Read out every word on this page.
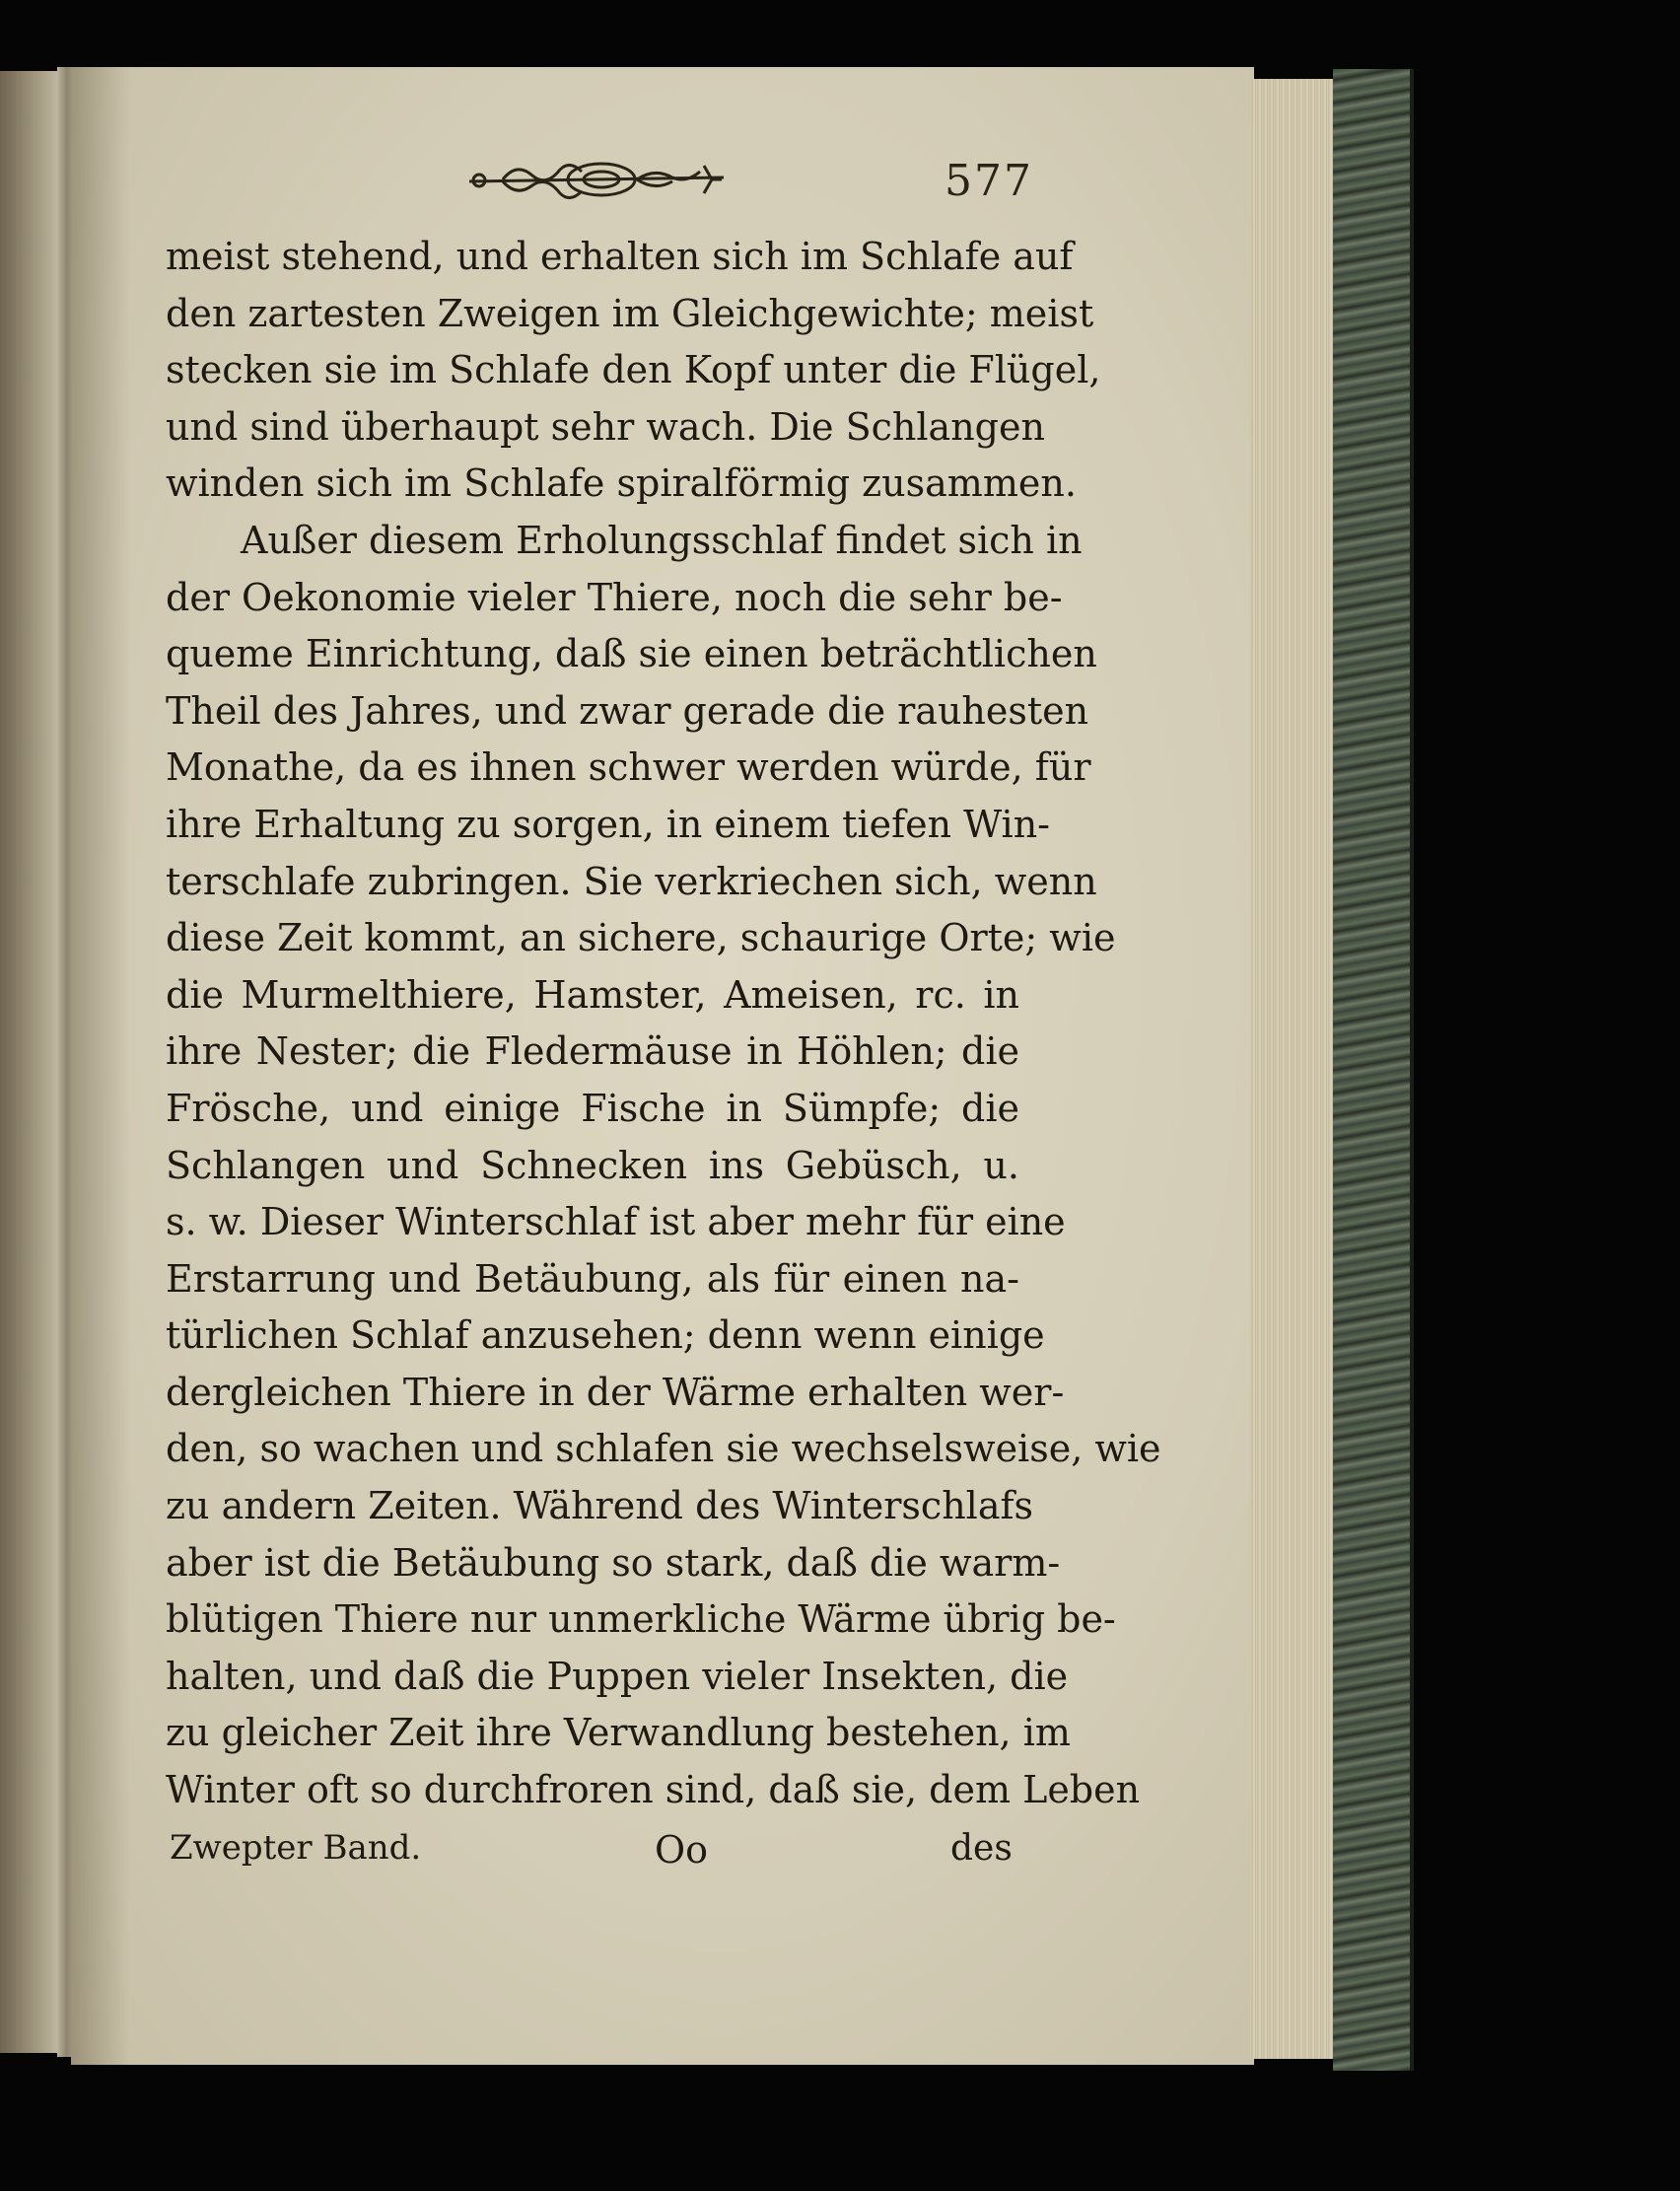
577
meist stehend, und erhalten sich im Schlafe auf
den zartesten Zweigen im Gleichgewichte; meist
stecken sie im Schlafe den Kopf unter die Flügel,
und sind überhaupt sehr wach. Die Schlangen
winden sich im Schlafe spiralförmig zusammen.
Außer diesem Erholungsschlaf findet sich in
der Oekonomie vieler Thiere, noch die sehr be-
queme Einrichtung, daß sie einen beträchtlichen
Theil des Jahres, und zwar gerade die rauhesten
Monathe, da es ihnen schwer werden würde, für
ihre Erhaltung zu sorgen, in einem tiefen Win-
terschlafe zubringen. Sie verkriechen sich, wenn
diese Zeit kommt, an sichere, schaurige Orte; wie
die Murmelthiere, Hamster, Ameisen, rc. in
ihre Nester; die Fledermäuse in Höhlen; die
Frösche, und einige Fische in Sümpfe; die
Schlangen und Schnecken ins Gebüsch, u.
s. w. Dieser Winterschlaf ist aber mehr für eine
Erstarrung und Betäubung, als für einen na-
türlichen Schlaf anzusehen; denn wenn einige
dergleichen Thiere in der Wärme erhalten wer-
den, so wachen und schlafen sie wechselsweise, wie
zu andern Zeiten. Während des Winterschlafs
aber ist die Betäubung so stark, daß die warm-
blütigen Thiere nur unmerkliche Wärme übrig be-
halten, und daß die Puppen vieler Insekten, die
zu gleicher Zeit ihre Verwandlung bestehen, im
Winter oft so durchfroren sind, daß sie, dem Leben
Zwepter Band.	Oo	des
